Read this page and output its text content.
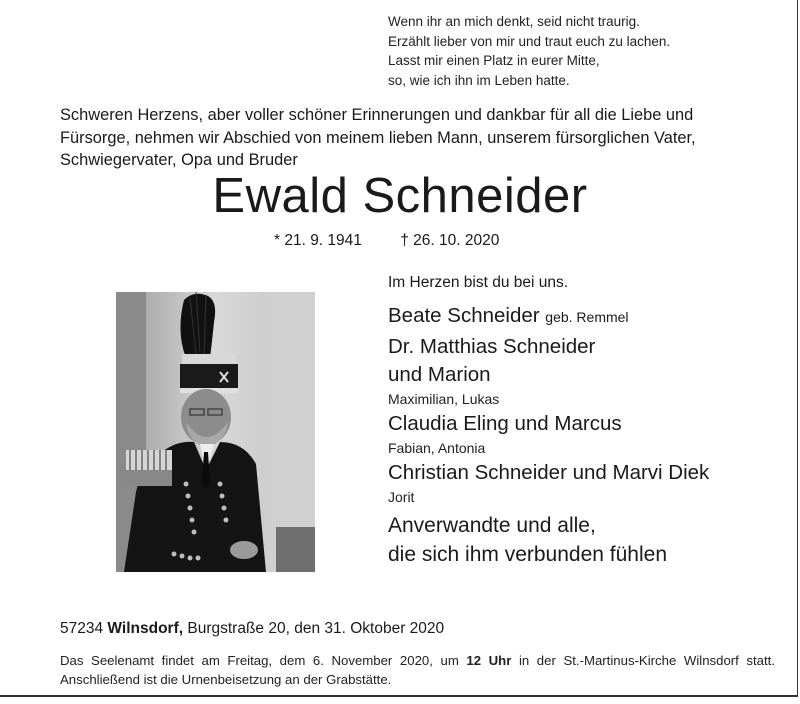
Wenn ihr an mich denkt, seid nicht traurig.
Erzählt lieber von mir und traut euch zu lachen.
Lasst mir einen Platz in eurer Mitte,
so, wie ich ihn im Leben hatte.
Schweren Herzens, aber voller schöner Erinnerungen und dankbar für all die Liebe und
Fürsorge, nehmen wir Abschied von meinem lieben Mann, unserem fürsorglichen Vater,
Schwiegervater, Opa und Bruder
Ewald Schneider
* 21. 9. 1941 † 26. 10. 2020
Im Herzen bist du bei uns.
Beate Schneider geb. Remmel
Dr. Matthias Schneider
und Marion
Maximilian, Lukas
Claudia Eling und Marcus
Fabian, Antonia
Christian Schneider und Marvi Diek
Jorit
Anverwandte und alle,
die sich ihm verbunden fühlen
57234 Wilnsdorf, Burgstraße 20, den 31. Oktober 2020
Das Seelenamt findet am Freitag, dem 6. November 2020, um 12 Uhr in der St.-Martinus-Kirche Wilnsdorf statt. Anschließend ist die Urnenbeisetzung an der Grabstätte.
